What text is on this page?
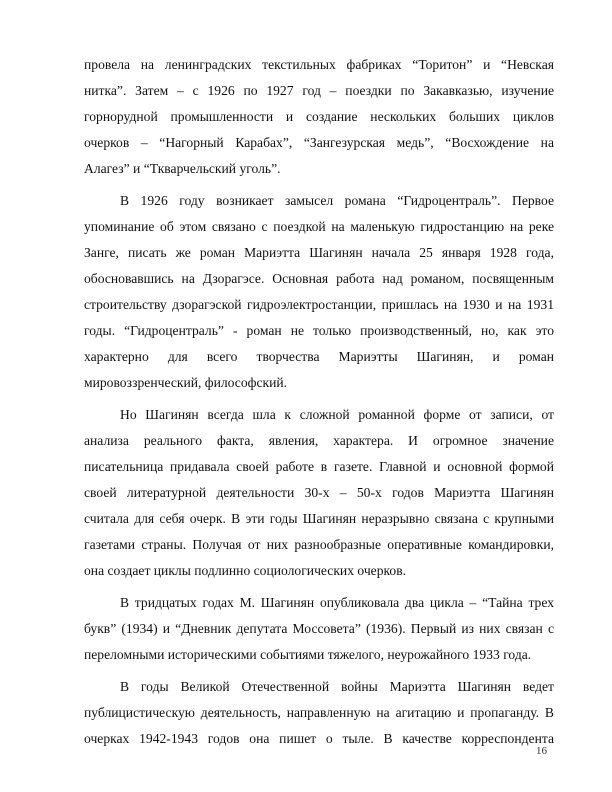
провела на ленинградских текстильных фабриках “Торитон” и “Невская
нитка”. Затем – с 1926 по 1927 год – поездки по Закавказью, изучение
горнорудной промышленности и создание нескольких больших циклов
очерков – “Нагорный Карабах”, “Зангезурская медь”, “Восхождение на
Алагез” и “Ткварчельский уголь”.

В 1926 году возникает замысел романа “Гидроцентраль”. Первое
упоминание об этом связано с поездкой на маленькую гидростанцию на реке
Занге, писать же роман Мариэтта Шагинян начала 25 января 1928 года,
обосновавшись на Дзорагэсе. Основная работа над романом, посвященным
строительству дзорагэской гидроэлектростанции, пришлась на 1930 и на 1931
годы. “Гидроцентраль” - роман не только производственный, но, как это
характерно для всего творчества Мариэтты Шагинян, и роман
мировоззренческий, философский.

Но Шагинян всегда шла к сложной романной форме от записи, от
анализа реального факта, явления, характера. И огромное значение
писательница придавала своей работе в газете. Главной и основной формой
своей литературной деятельности 30-х – 50-х годов Мариэтта Шагинян
считала для себя очерк. В эти годы Шагинян неразрывно связана с крупными
газетами страны. Получая от них разнообразные оперативные командировки,
она создает циклы подлинно социологических очерков.

В тридцатых годах М. Шагинян опубликовала два цикла – “Тайна трех
букв” (1934) и “Дневник депутата Моссовета” (1936). Первый из них связан с
переломными историческими событиями тяжелого, неурожайного 1933 года.

В годы Великой Отечественной войны Мариэтта Шагинян ведет
публицистическую деятельность, направленную на агитацию и пропаганду. В
очерках 1942-1943 годов она пишет о тыле. В качестве корреспондента

16
